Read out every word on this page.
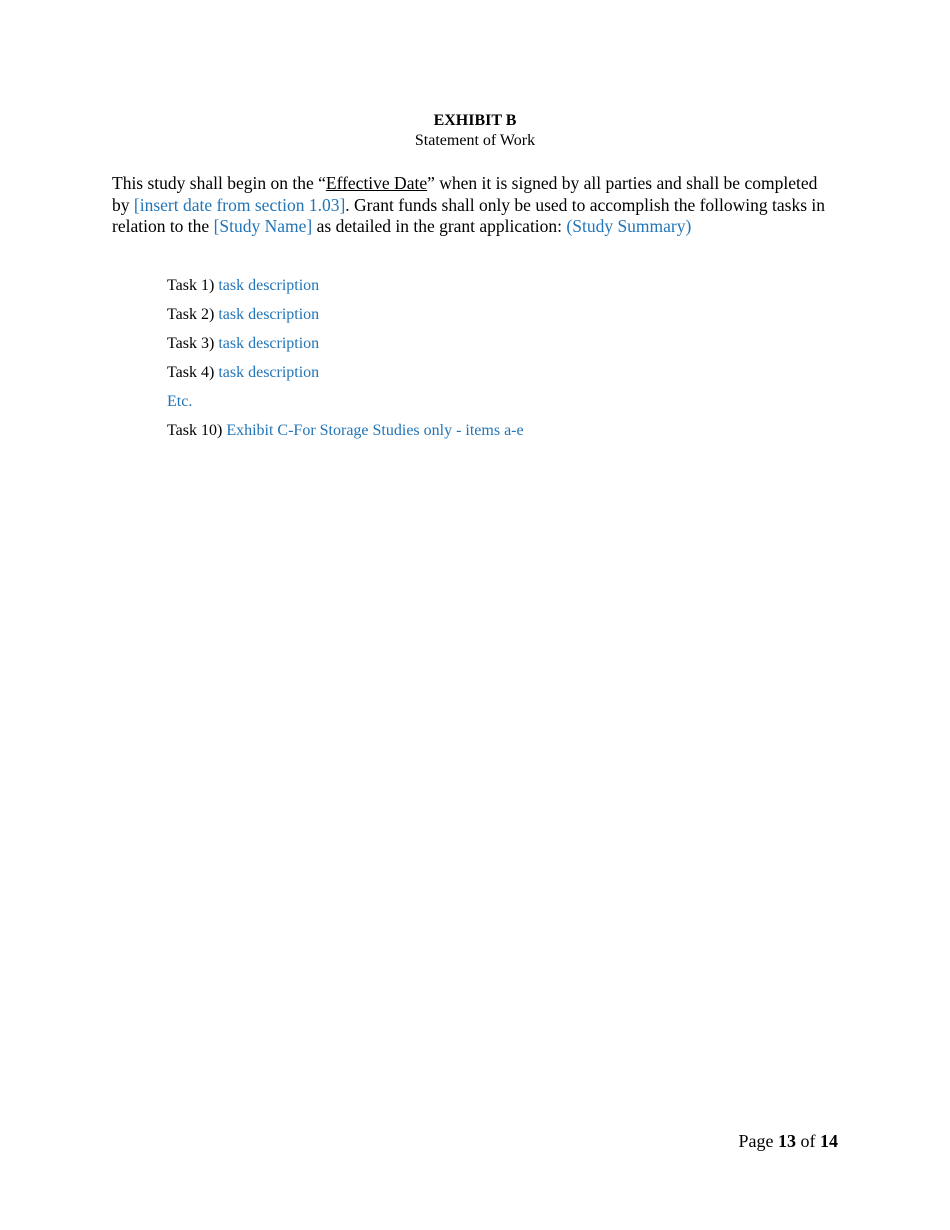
EXHIBIT B
Statement of Work

This study shall begin on the “Effective Date” when it is signed by all parties and shall be completed by [insert date from section 1.03]. Grant funds shall only be used to accomplish the following tasks in relation to the [Study Name] as detailed in the grant application: (Study Summary)

Task 1) task description
Task 2) task description
Task 3) task description
Task 4) task description
Etc.
Task 10) Exhibit C-For Storage Studies only - items a-e
Page 13 of 14
